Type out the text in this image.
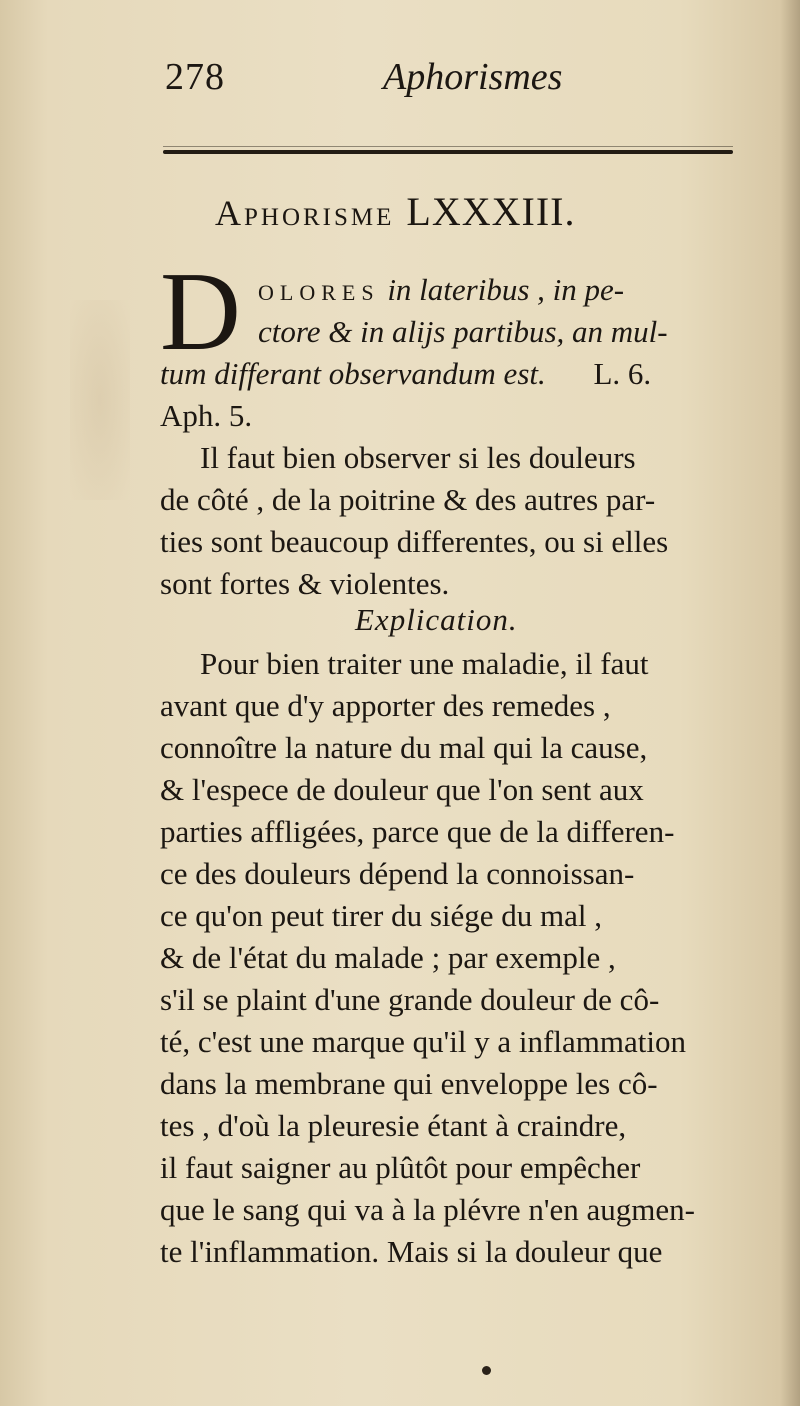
278	Aphorismes
Aphorisme LXXXIII.
D olores in lateribus , in pe-
ctore & in alijs partibus, an mul-
tum differant observandum est. L. 6.
Aph. 5.
Il faut bien observer si les douleurs
de côté , de la poitrine & des autres par-
ties sont beaucoup differentes, ou si elles
sont fortes & violentes.
Explication.
Pour bien traiter une maladie, il faut
avant que d'y apporter des remedes ,
connoître la nature du mal qui la cause,
& l'espece de douleur que l'on sent aux
parties affligées, parce que de la differen-
ce des douleurs dépend la connoissan-
ce qu'on peut tirer du siége du mal ,
& de l'état du malade ; par exemple ,
s'il se plaint d'une grande douleur de cô-
té, c'est une marque qu'il y a inflammation
dans la membrane qui enveloppe les cô-
tes , d'où la pleuresie étant à craindre,
il faut saigner au plûtôt pour empêcher
que le sang qui va à la plévre n'en augmen-
te l'inflammation. Mais si la douleur que
